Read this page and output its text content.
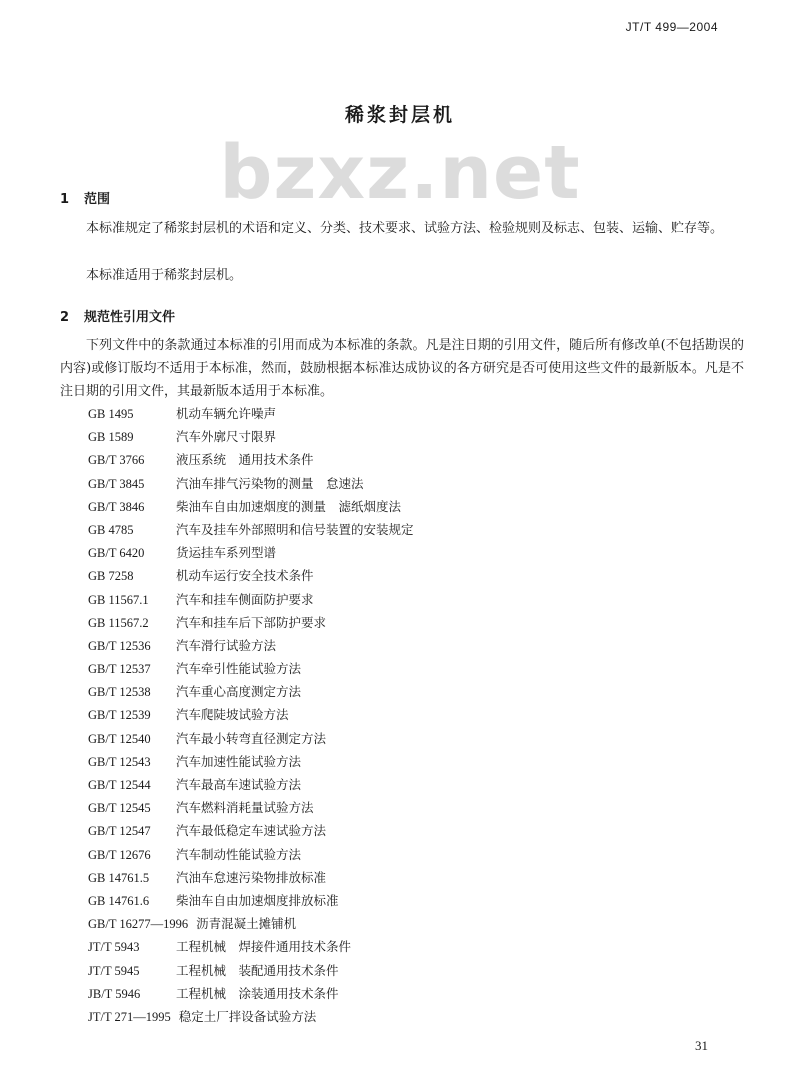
JT/T 499—2004
bzxz.net
稀浆封层机
1 范围
本标准规定了稀浆封层机的术语和定义、分类、技术要求、试验方法、检验规则及标志、包装、运输、贮存等。
本标准适用于稀浆封层机。
2 规范性引用文件
下列文件中的条款通过本标准的引用而成为本标准的条款。凡是注日期的引用文件，随后所有修改单(不包括勘误的内容)或修订版均不适用于本标准，然而，鼓励根据本标准达成协议的各方研究是否可使用这些文件的最新版本。凡是不注日期的引用文件，其最新版本适用于本标准。
GB 1495	机动车辆允许噪声
GB 1589	汽车外廓尺寸限界
GB/T 3766	液压系统　通用技术条件
GB/T 3845	汽油车排气污染物的测量　怠速法
GB/T 3846	柴油车自由加速烟度的测量　滤纸烟度法
GB 4785	汽车及挂车外部照明和信号装置的安装规定
GB/T 6420	货运挂车系列型谱
GB 7258	机动车运行安全技术条件
GB 11567.1 汽车和挂车侧面防护要求
GB 11567.2 汽车和挂车后下部防护要求
GB/T 12536 汽车滑行试验方法
GB/T 12537 汽车牵引性能试验方法
GB/T 12538 汽车重心高度测定方法
GB/T 12539 汽车爬陡坡试验方法
GB/T 12540 汽车最小转弯直径测定方法
GB/T 12543 汽车加速性能试验方法
GB/T 12544 汽车最高车速试验方法
GB/T 12545 汽车燃料消耗量试验方法
GB/T 12547 汽车最低稳定车速试验方法
GB/T 12676 汽车制动性能试验方法
GB 14761.5 汽油车怠速污染物排放标准
GB 14761.6 柴油车自由加速烟度排放标准
GB/T 16277—1996 沥青混凝土摊铺机
JT/T 5943	工程机械　焊接件通用技术条件
JT/T 5945	工程机械　装配通用技术条件
JB/T 5946	工程机械　涂装通用技术条件
JT/T 271—1995 稳定土厂拌设备试验方法
31
